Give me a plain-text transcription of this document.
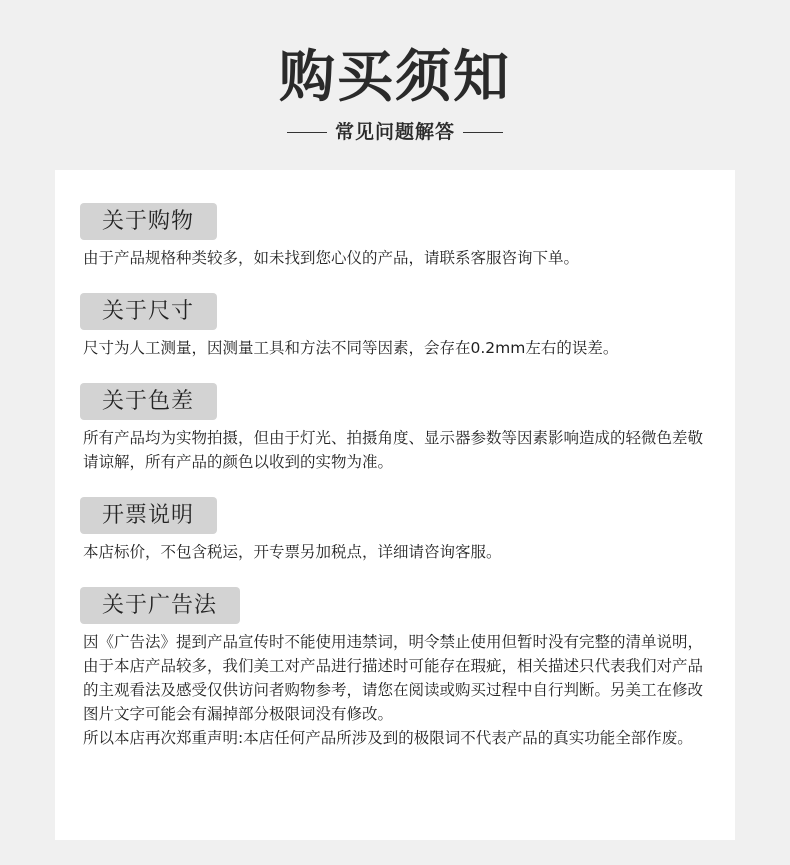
购买须知
常见问题解答
关于购物
由于产品规格种类较多，如未找到您心仪的产品，请联系客服咨询下单。
关于尺寸
尺寸为人工测量，因测量工具和方法不同等因素，会存在0.2mm左右的误差。
关于色差
所有产品均为实物拍摄，但由于灯光、拍摄角度、显示器参数等因素影响造成的轻微色差敬请谅解，所有产品的颜色以收到的实物为准。
开票说明
本店标价，不包含税运，开专票另加税点，详细请咨询客服。
关于广告法
因《广告法》提到产品宣传时不能使用违禁词，明令禁止使用但暂时没有完整的清单说明，由于本店产品较多，我们美工对产品进行描述时可能存在瑕疵，相关描述只代表我们对产品的主观看法及感受仅供访问者购物参考，请您在阅读或购买过程中自行判断。另美工在修改图片文字可能会有漏掉部分极限词没有修改。
所以本店再次郑重声明:本店任何产品所涉及到的极限词不代表产品的真实功能全部作废。
